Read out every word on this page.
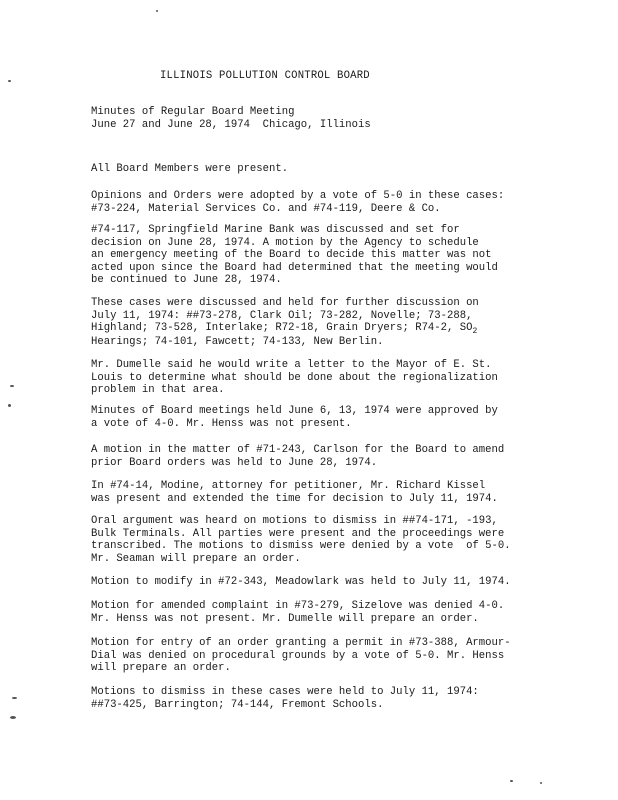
ILLINOIS POLLUTION CONTROL BOARD
Minutes of Regular Board Meeting
June 27 and June 28, 1974  Chicago, Illinois
All Board Members were present.
Opinions and Orders were adopted by a vote of 5-0 in these cases:
#73-224, Material Services Co. and #74-119, Deere & Co.
#74-117, Springfield Marine Bank was discussed and set for
decision on June 28, 1974. A motion by the Agency to schedule
an emergency meeting of the Board to decide this matter was not
acted upon since the Board had determined that the meeting would
be continued to June 28, 1974.
These cases were discussed and held for further discussion on
July 11, 1974: ##73-278, Clark Oil; 73-282, Novelle; 73-288,
Highland; 73-528, Interlake; R72-18, Grain Dryers; R74-2, $SO_2$
Hearings; 74-101, Fawcett; 74-133, New Berlin.
Mr. Dumelle said he would write a letter to the Mayor of E. St.
Louis to determine what should be done about the regionalization
problem in that area.
Minutes of Board meetings held June 6, 13, 1974 were approved by
a vote of 4-0. Mr. Henss was not present.
A motion in the matter of #71-243, Carlson for the Board to amend
prior Board orders was held to June 28, 1974.
In #74-14, Modine, attorney for petitioner, Mr. Richard Kissel
was present and extended the time for decision to July 11, 1974.
Oral argument was heard on motions to dismiss in ##74-171, -193,
Bulk Terminals. All parties were present and the proceedings were
transcribed. The motions to dismiss were denied by a vote  of 5-0.
Mr. Seaman will prepare an order.
Motion to modify in #72-343, Meadowlark was held to July 11, 1974.
Motion for amended complaint in #73-279, Sizelove was denied 4-0.
Mr. Henss was not present. Mr. Dumelle will prepare an order.
Motion for entry of an order granting a permit in #73-388, Armour-
Dial was denied on procedural grounds by a vote of 5-0. Mr. Henss
will prepare an order.
Motions to dismiss in these cases were held to July 11, 1974:
##73-425, Barrington; 74-144, Fremont Schools.
